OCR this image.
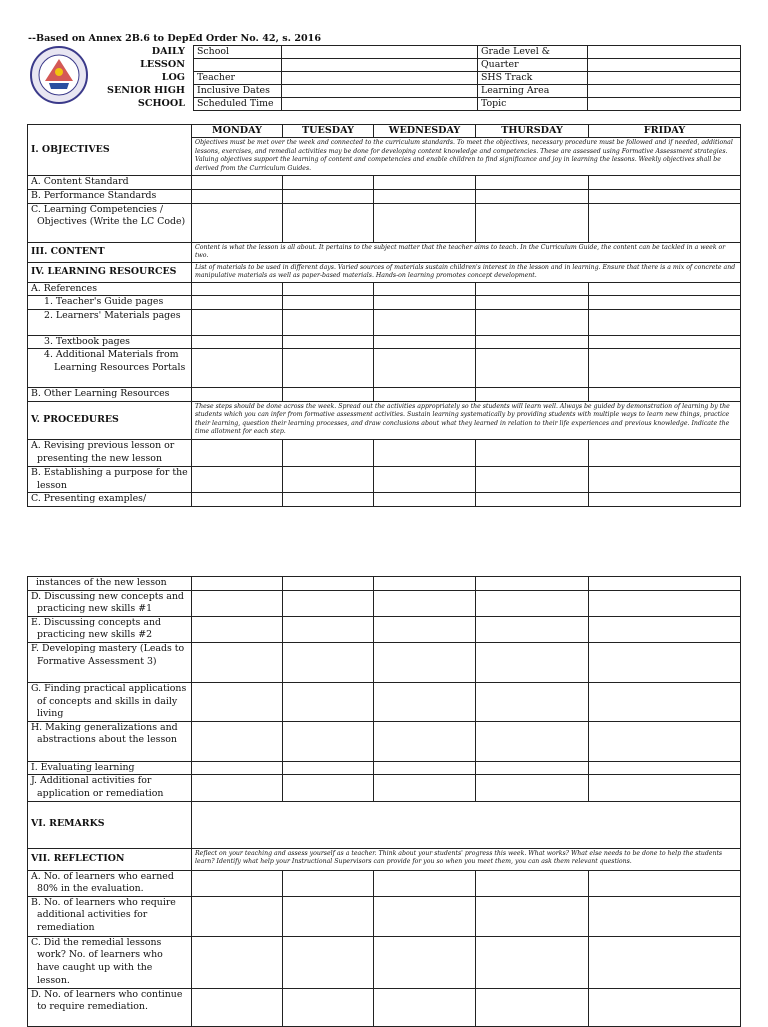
--Based on Annex 2B.6 to DepEd Order No. 42, s. 2016
DAILY
LESSON
LOG
SENIOR HIGH SCHOOL
School		Grade Level &	
		Quarter	
Teacher		SHS Track	
Inclusive Dates		Learning Area	
Scheduled Time		Topic	
I. OBJECTIVES	MONDAY	TUESDAY	WEDNESDAY	THURSDAY	FRIDAY
	Objectives must be met over the week and connected to the curriculum standards. To meet the objectives, necessary procedure must be followed and if needed, additional lessons, exercises, and remedial activities may be done for developing content knowledge and competencies. These are assessed using Formative Assessment strategies. Valuing objectives support the learning of content and competencies and enable children to find significance and joy in learning the lessons. Weekly objectives shall be derived from the Curriculum Guides.				
A. Content Standard					
B. Performance Standards					
C. Learning Competencies / Objectives (Write the LC Code)					
III. CONTENT	Content is what the lesson is all about. It pertains to the subject matter that the teacher aims to teach. In the Curriculum Guide, the content can be tackled in a week or two.				
IV. LEARNING RESOURCES	List of materials to be used in different days. Varied sources of materials sustain children's interest in the lesson and in learning. Ensure that there is a mix of concrete and manipulative materials as well as paper-based materials. Hands-on learning promotes concept development.				
A. References					
1. Teacher's Guide pages					
2. Learners' Materials pages					
3. Textbook pages					
4. Additional Materials from Learning Resources Portals					
B. Other Learning Resources					
V. PROCEDURES	These steps should be done across the week. Spread out the activities appropriately so the students will learn well. Always be guided by demonstration of learning by the students which you can infer from formative assessment activities. Sustain learning systematically by providing students with multiple ways to learn new things, practice their learning, question their learning processes, and draw conclusions about what they learned in relation to their life experiences and previous knowledge. Indicate the time allotment for each step.				
A. Revising previous lesson or presenting the new lesson					
B. Establishing a purpose for the lesson					
C. Presenting examples/					
instances of the new lesson					
D. Discussing new concepts and practicing new skills #1					
E. Discussing concepts and practicing new skills #2					
F. Developing mastery (Leads to Formative Assessment 3)					
G. Finding practical applications of concepts and skills in daily living					
H. Making generalizations and abstractions about the lesson					
I. Evaluating learning					
J. Additional activities for application or remediation					
VI. REMARKS					
VII. REFLECTION	Reflect on your teaching and assess yourself as a teacher. Think about your students' progress this week. What works? What else needs to be done to help the students learn? Identify what help your Instructional Supervisors can provide for you so when you meet them, you can ask them relevant questions.				
A. No. of learners who earned 80% in the evaluation.					
B. No. of learners who require additional activities for remediation					
C. Did the remedial lessons work? No. of learners who have caught up with the lesson.					
D. No. of learners who continue to require remediation.					
